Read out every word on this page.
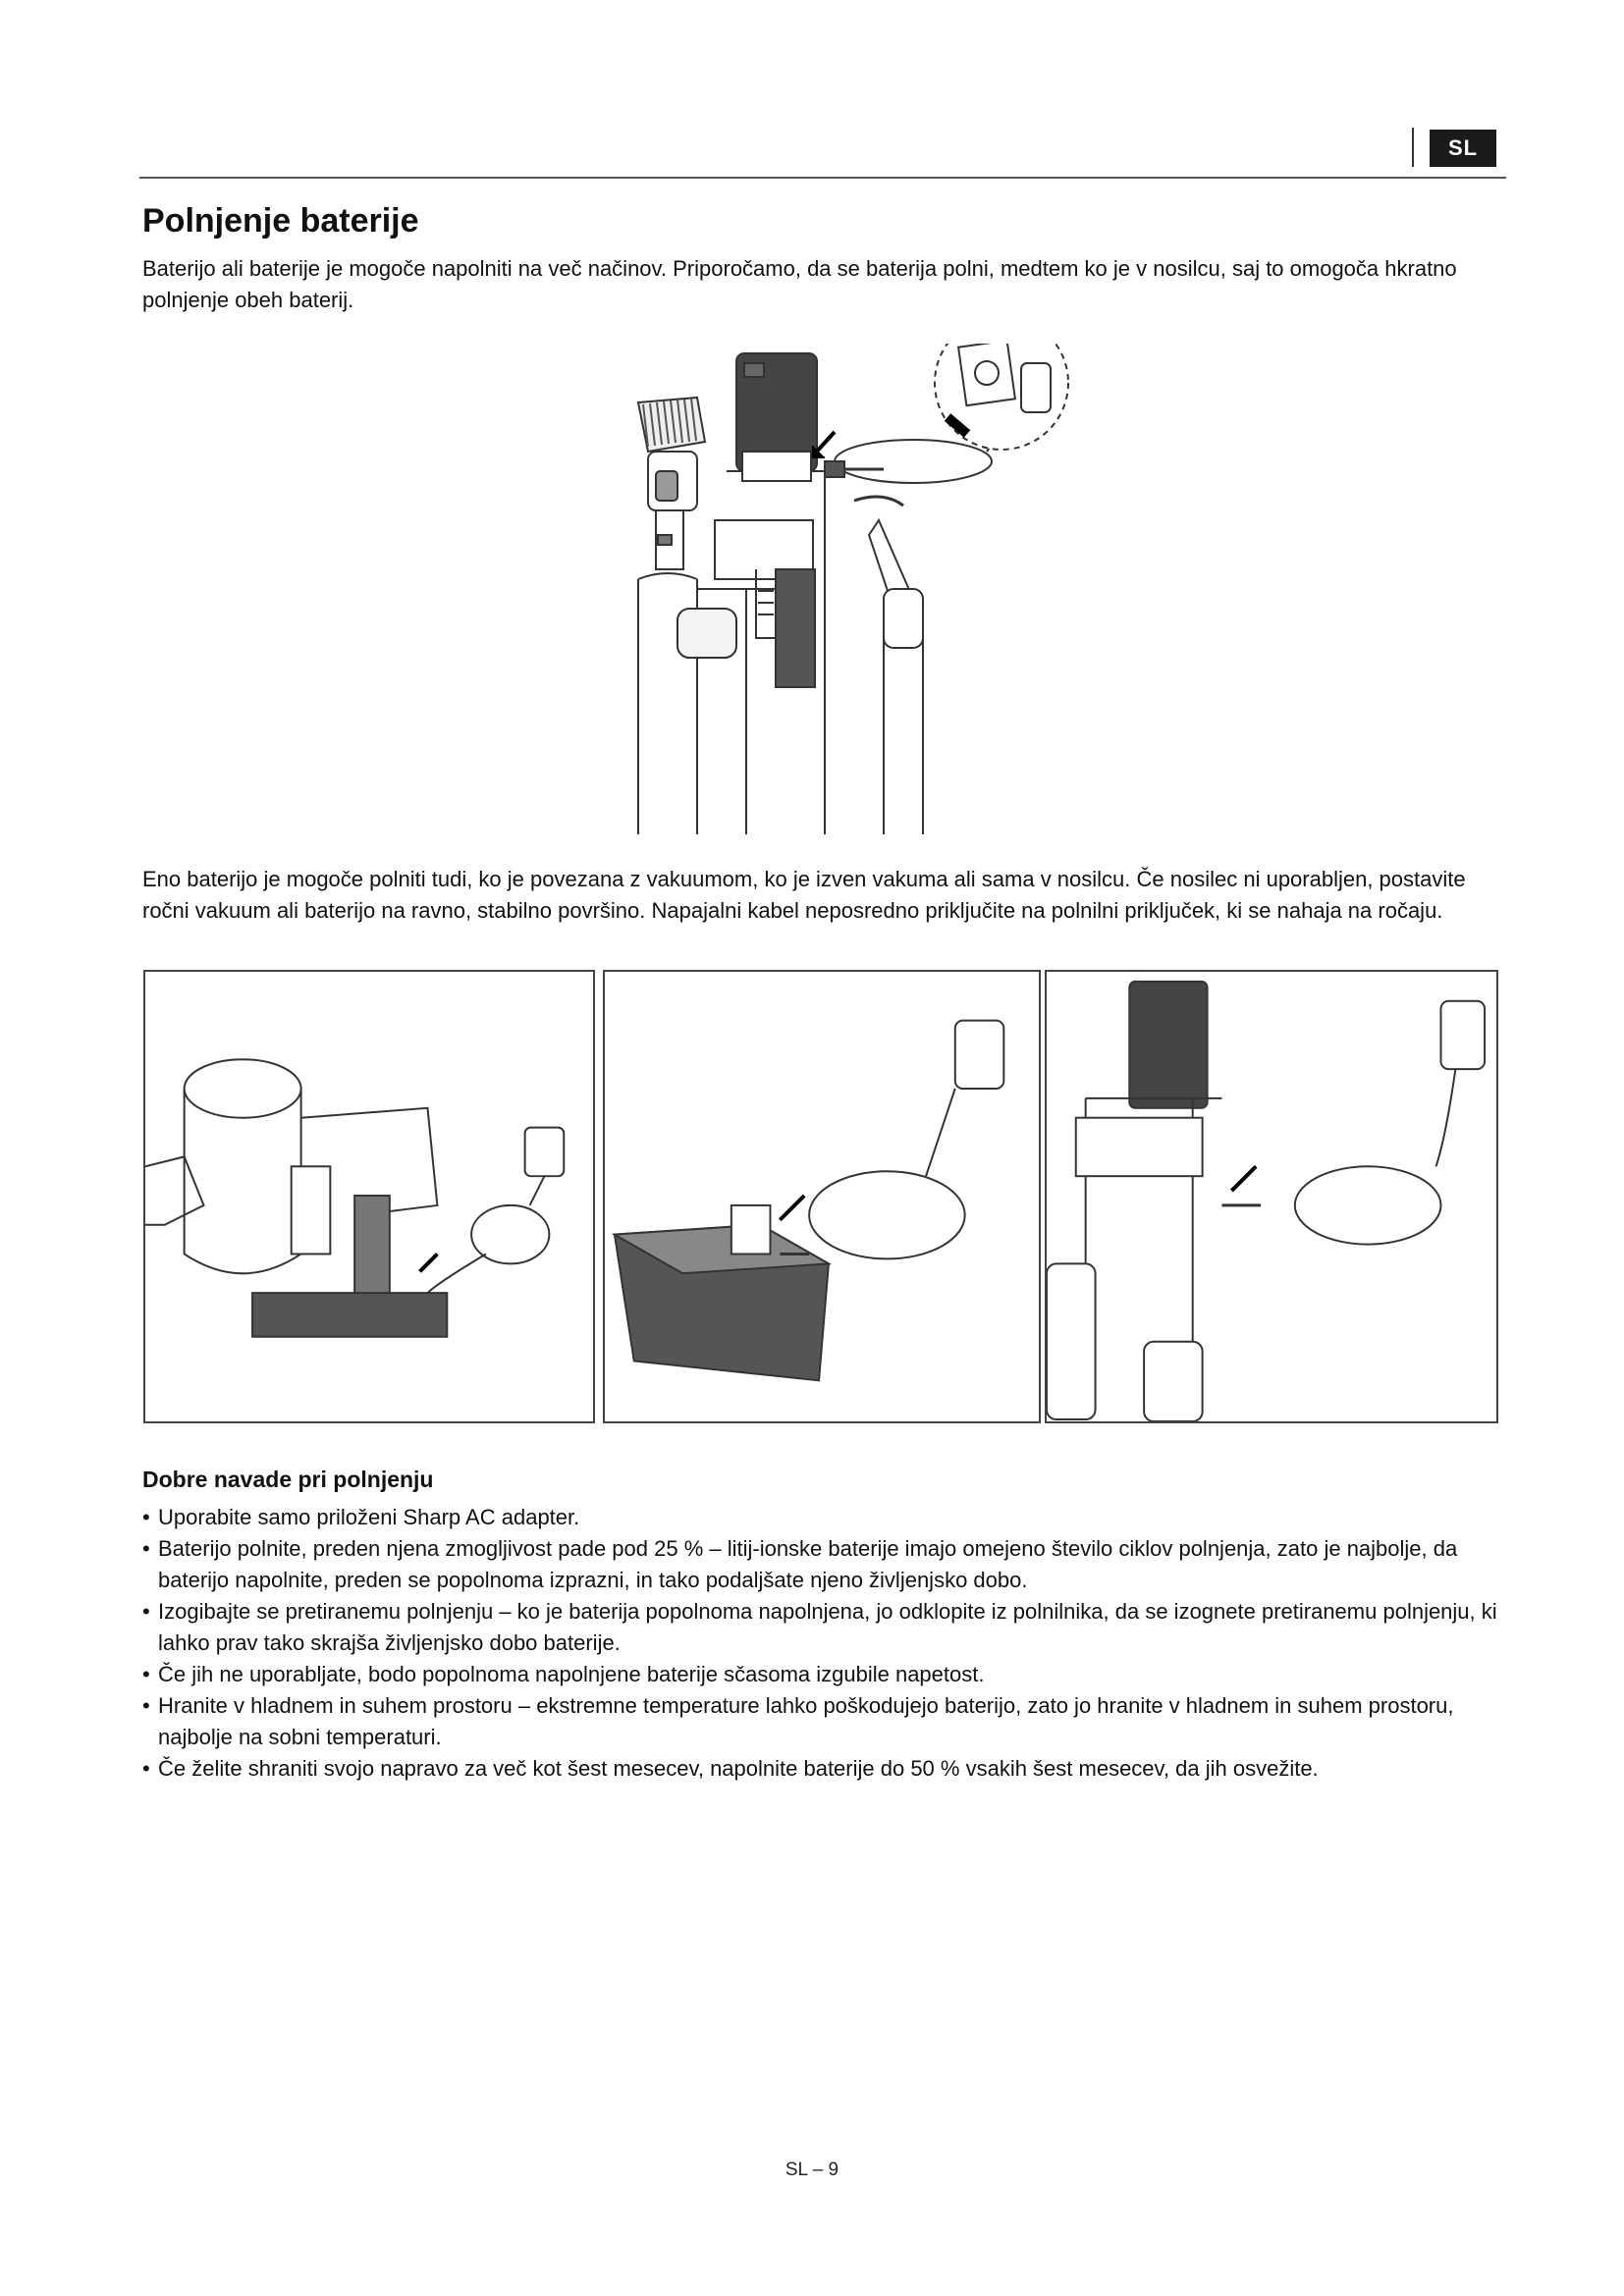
SL
Polnjenje baterije

Baterijo ali baterije je mogoče napolniti na več načinov. Priporočamo, da se baterija polni, medtem ko je v nosilcu, saj to omogoča hkratno polnjenje obeh baterij.

Eno baterijo je mogoče polniti tudi, ko je povezana z vakuumom, ko je izven vakuma ali sama v nosilcu. Če nosilec ni uporabljen, postavite ročni vakuum ali baterijo na ravno, stabilno površino. Napajalni kabel neposredno priključite na polnilni priključek, ki se nahaja na ročaju.

Dobre navade pri polnjenju
• Uporabite samo priloženi Sharp AC adapter.
• Baterijo polnite, preden njena zmogljivost pade pod 25 % – litij-ionske baterije imajo omejeno število ciklov polnjenja, zato je najbolje, da baterijo napolnite, preden se popolnoma izprazni, in tako podaljšate njeno življenjsko dobo.
• Izogibajte se pretiranemu polnjenju – ko je baterija popolnoma napolnjena, jo odklopite iz polnilnika, da se izognete pretiranemu polnjenju, ki lahko prav tako skrajša življenjsko dobo baterije.
• Če jih ne uporabljate, bodo popolnoma napolnjene baterije sčasoma izgubile napetost.
• Hranite v hladnem in suhem prostoru – ekstremne temperature lahko poškodujejo baterijo, zato jo hranite v hladnem in suhem prostoru, najbolje na sobni temperaturi.
• Če želite shraniti svojo napravo za več kot šest mesecev, napolnite baterije do 50 % vsakih šest mesecev, da jih osvežite.
SL – 9
